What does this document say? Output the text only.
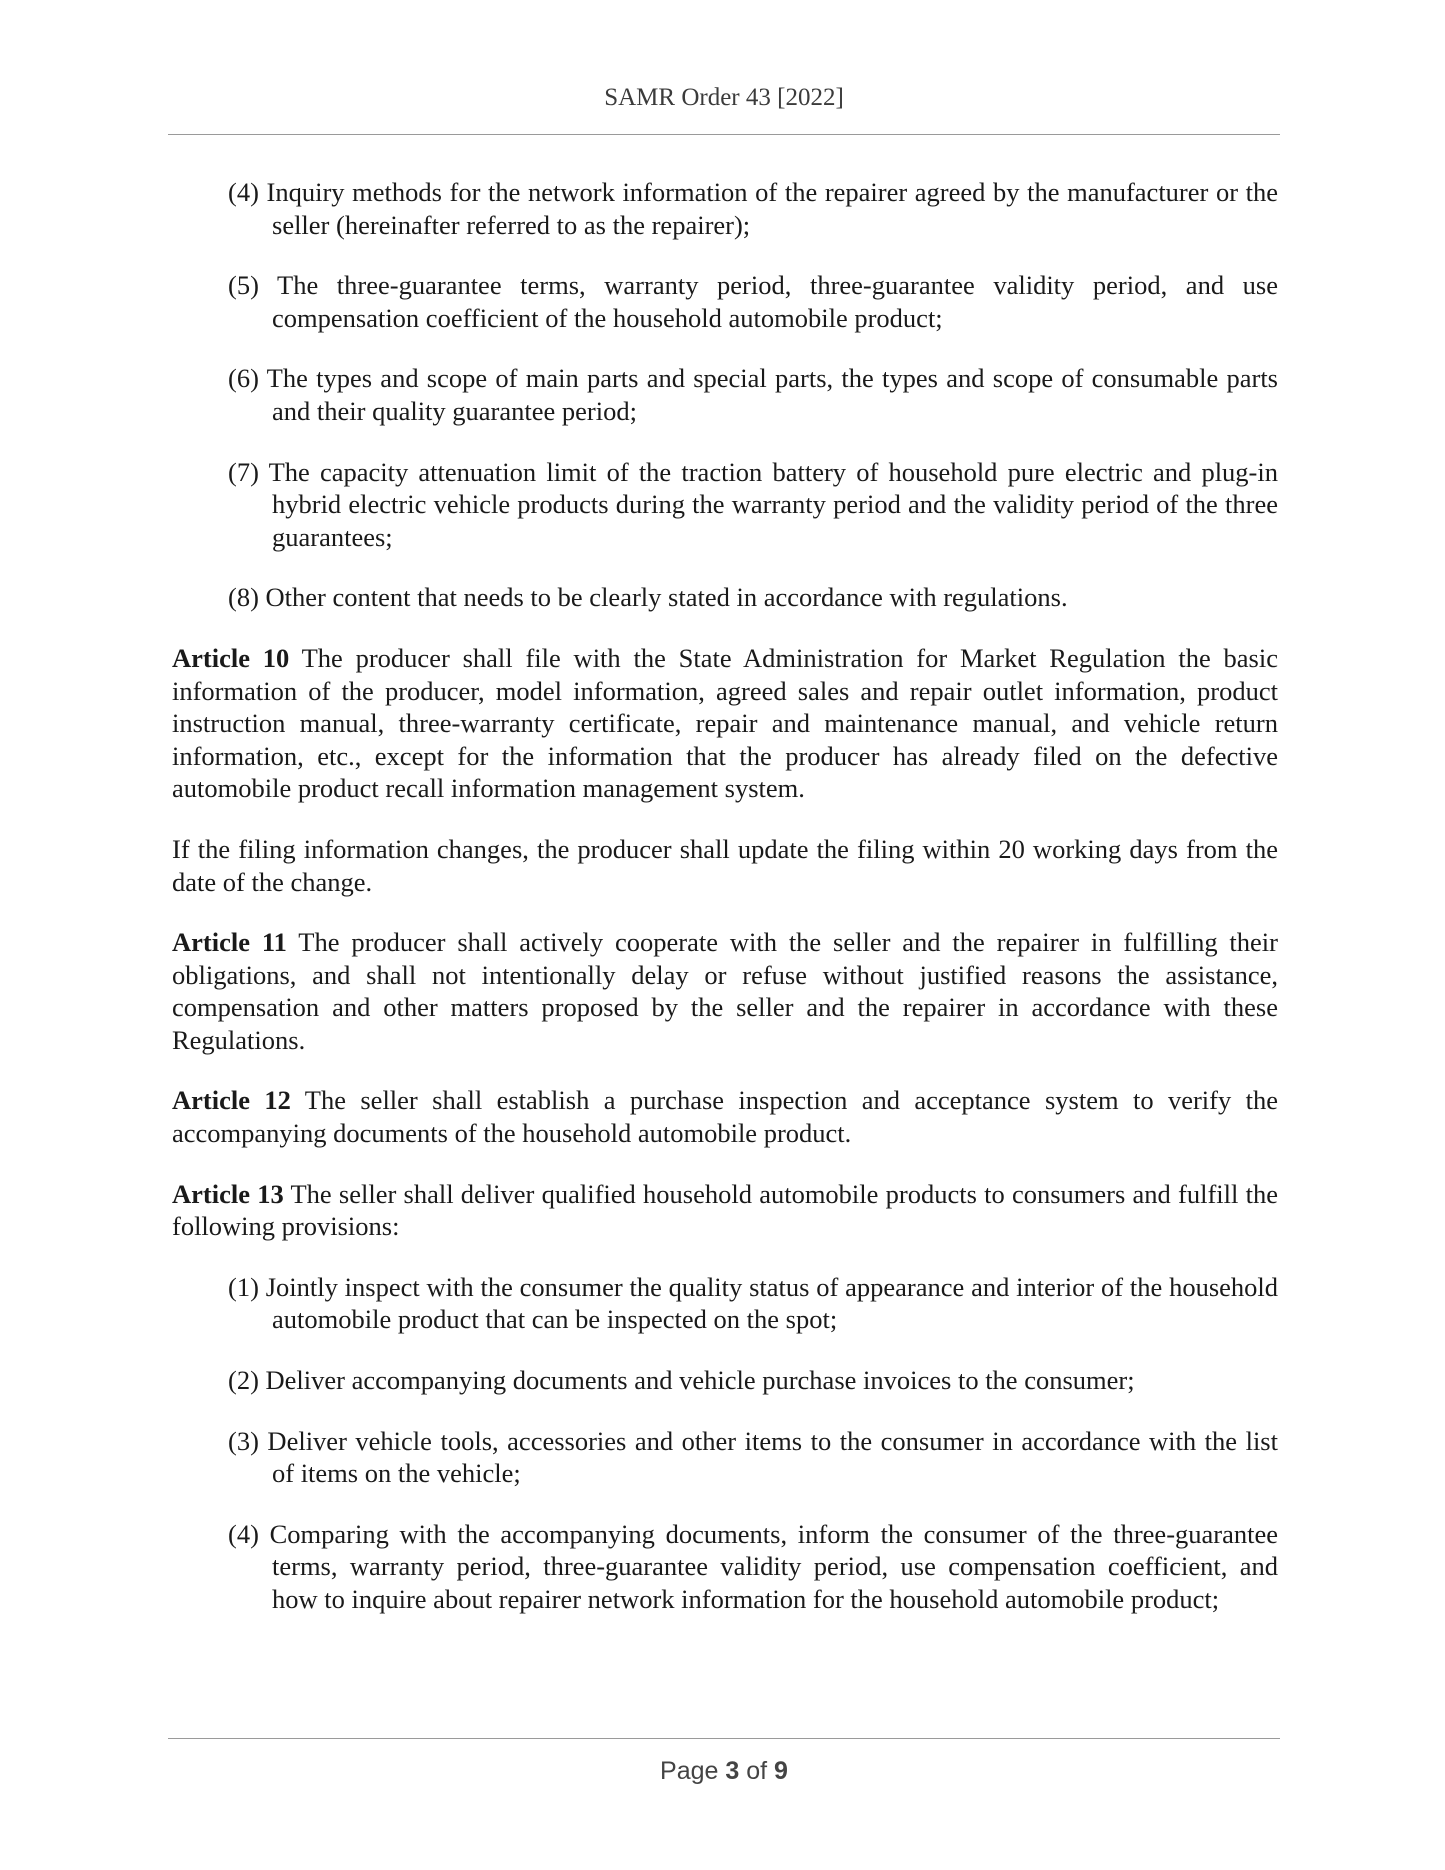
SAMR Order 43 [2022]
(4) Inquiry methods for the network information of the repairer agreed by the manufacturer or the seller (hereinafter referred to as the repairer);
(5) The three-guarantee terms, warranty period, three-guarantee validity period, and use compensation coefficient of the household automobile product;
(6) The types and scope of main parts and special parts, the types and scope of consumable parts and their quality guarantee period;
(7) The capacity attenuation limit of the traction battery of household pure electric and plug-in hybrid electric vehicle products during the warranty period and the validity period of the three guarantees;
(8) Other content that needs to be clearly stated in accordance with regulations.

Article 10 The producer shall file with the State Administration for Market Regulation the basic information of the producer, model information, agreed sales and repair outlet information, product instruction manual, three-warranty certificate, repair and maintenance manual, and vehicle return information, etc., except for the information that the producer has already filed on the defective automobile product recall information management system.

If the filing information changes, the producer shall update the filing within 20 working days from the date of the change.

Article 11 The producer shall actively cooperate with the seller and the repairer in fulfilling their obligations, and shall not intentionally delay or refuse without justified reasons the assistance, compensation and other matters proposed by the seller and the repairer in accordance with these Regulations.

Article 12 The seller shall establish a purchase inspection and acceptance system to verify the accompanying documents of the household automobile product.

Article 13 The seller shall deliver qualified household automobile products to consumers and fulfill the following provisions:

(1) Jointly inspect with the consumer the quality status of appearance and interior of the household automobile product that can be inspected on the spot;
(2) Deliver accompanying documents and vehicle purchase invoices to the consumer;
(3) Deliver vehicle tools, accessories and other items to the consumer in accordance with the list of items on the vehicle;
(4) Comparing with the accompanying documents, inform the consumer of the three-guarantee terms, warranty period, three-guarantee validity period, use compensation coefficient, and how to inquire about repairer network information for the household automobile product;
Page 3 of 9
